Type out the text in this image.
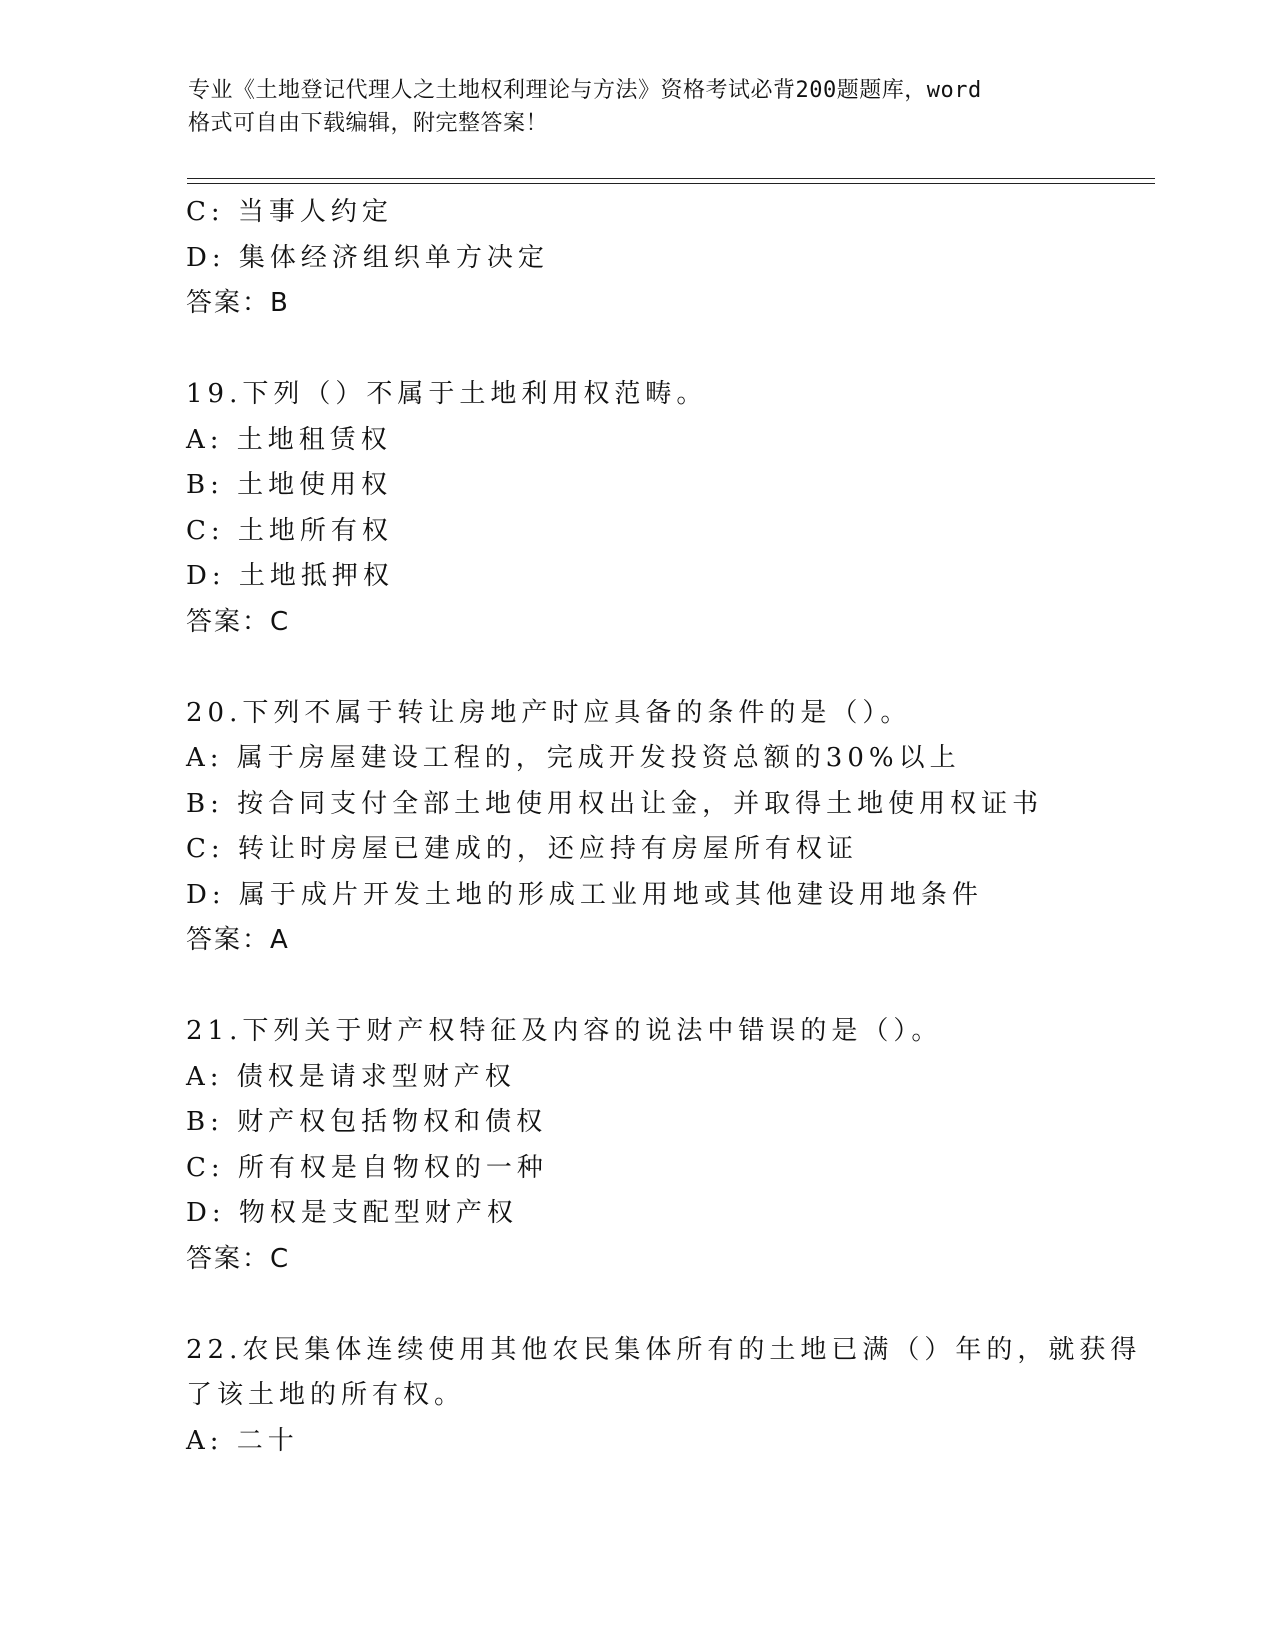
专业《土地登记代理人之土地权利理论与方法》资格考试必背200题题库，word
格式可自由下载编辑，附完整答案！
C: 当事人约定
D: 集体经济组织单方决定
答案：B
19.下列（）不属于土地利用权范畴。
A: 土地租赁权
B: 土地使用权
C: 土地所有权
D: 土地抵押权
答案：C
20.下列不属于转让房地产时应具备的条件的是（）。
A: 属于房屋建设工程的，完成开发投资总额的30%以上
B: 按合同支付全部土地使用权出让金，并取得土地使用权证书
C: 转让时房屋已建成的，还应持有房屋所有权证
D: 属于成片开发土地的形成工业用地或其他建设用地条件
答案：A
21.下列关于财产权特征及内容的说法中错误的是（）。
A: 债权是请求型财产权
B: 财产权包括物权和债权
C: 所有权是自物权的一种
D: 物权是支配型财产权
答案：C
22.农民集体连续使用其他农民集体所有的土地已满（）年的，就获得
了该土地的所有权。
A: 二十
